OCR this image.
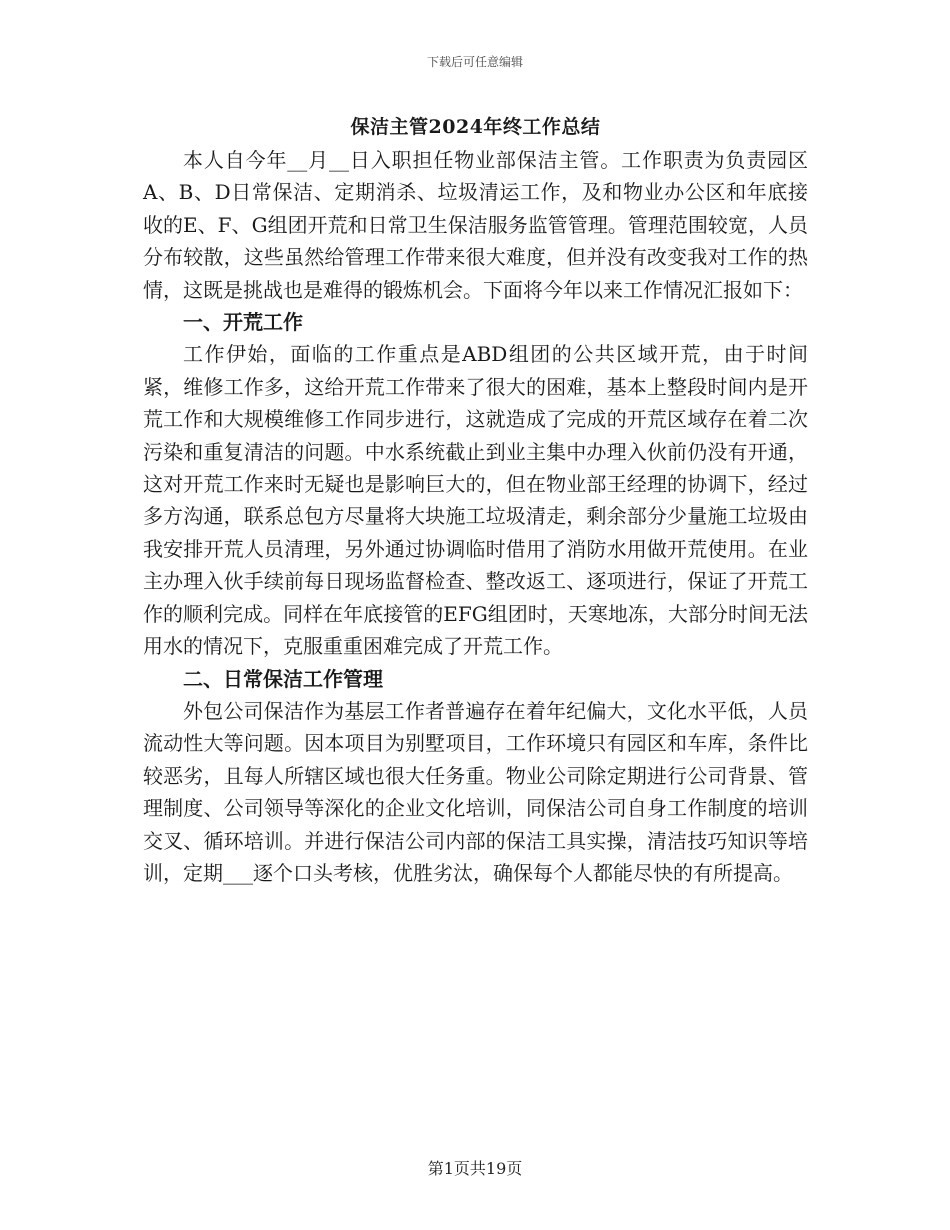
下载后可任意编辑
保洁主管2024年终工作总结

本人自今年__月__日入职担任物业部保洁主管。工作职责为负责园区A、B、D日常保洁、定期消杀、垃圾清运工作，及和物业办公区和年底接收的E、F、G组团开荒和日常卫生保洁服务监管管理。管理范围较宽，人员分布较散，这些虽然给管理工作带来很大难度，但并没有改变我对工作的热情，这既是挑战也是难得的锻炼机会。下面将今年以来工作情况汇报如下：

一、开荒工作

工作伊始，面临的工作重点是ABD组团的公共区域开荒，由于时间紧，维修工作多，这给开荒工作带来了很大的困难，基本上整段时间内是开荒工作和大规模维修工作同步进行，这就造成了完成的开荒区域存在着二次污染和重复清洁的问题。中水系统截止到业主集中办理入伙前仍没有开通，这对开荒工作来时无疑也是影响巨大的，但在物业部王经理的协调下，经过多方沟通，联系总包方尽量将大块施工垃圾清走，剩余部分少量施工垃圾由我安排开荒人员清理，另外通过协调临时借用了消防水用做开荒使用。在业主办理入伙手续前每日现场监督检查、整改返工、逐项进行，保证了开荒工作的顺利完成。同样在年底接管的EFG组团时，天寒地冻，大部分时间无法用水的情况下，克服重重困难完成了开荒工作。

二、日常保洁工作管理

外包公司保洁作为基层工作者普遍存在着年纪偏大，文化水平低，人员流动性大等问题。因本项目为别墅项目，工作环境只有园区和车库，条件比较恶劣，且每人所辖区域也很大任务重。物业公司除定期进行公司背景、管理制度、公司领导等深化的企业文化培训，同保洁公司自身工作制度的培训交叉、循环培训。并进行保洁公司内部的保洁工具实操，清洁技巧知识等培训，定期___逐个口头考核，优胜劣汰，确保每个人都能尽快的有所提高。

第1页共19页
